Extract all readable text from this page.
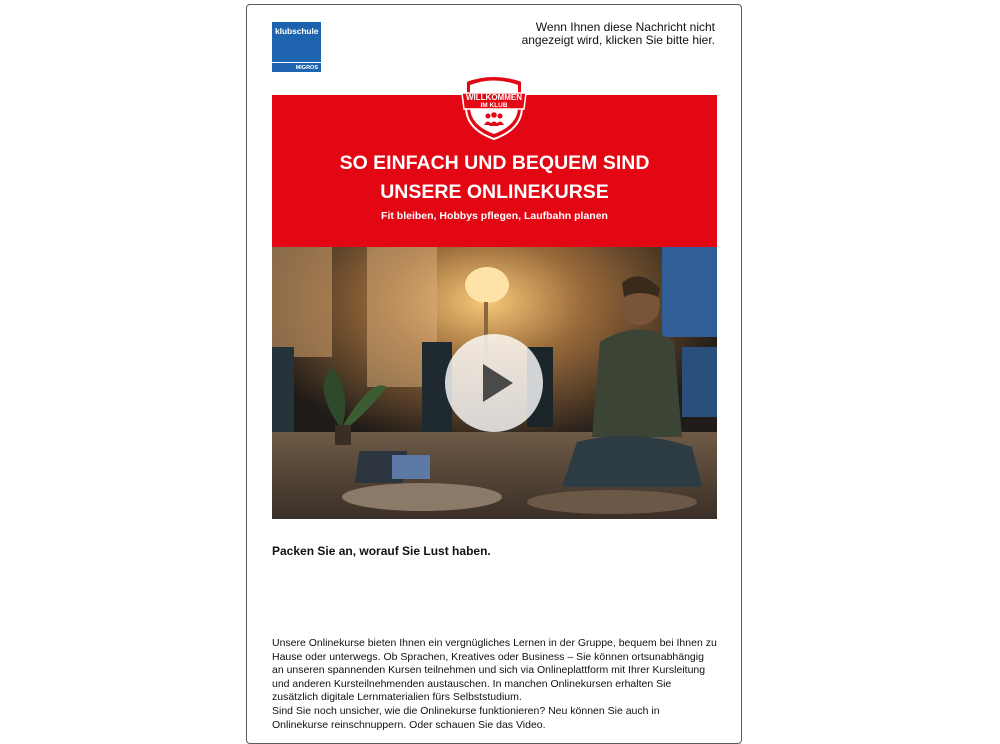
klubschule
MIGROS
Wenn Ihnen diese Nachricht nicht angezeigt wird, klicken Sie bitte hier.
WILLKOMMEN
IM KLUB
SO EINFACH UND BEQUEM SIND
UNSERE ONLINEKURSE

Fit bleiben, Hobbys pflegen, Laufbahn planen

Packen Sie an, worauf Sie Lust haben.

Unsere Onlinekurse bieten Ihnen ein vergnügliches Lernen in der Gruppe, bequem bei Ihnen zu Hause oder unterwegs. Ob Sprachen, Kreatives oder Business – Sie können ortsunabhängig an unseren spannenden Kursen teilnehmen und sich via Onlineplattform mit Ihrer Kursleitung und anderen Kursteilnehmenden austauschen. In manchen Onlinekursen erhalten Sie zusätzlich digitale Lernmaterialien fürs Selbststudium.

Sind Sie noch unsicher, wie die Onlinekurse funktionieren? Neu können Sie auch in Onlinekurse reinschnuppern. Oder schauen Sie das Video.
